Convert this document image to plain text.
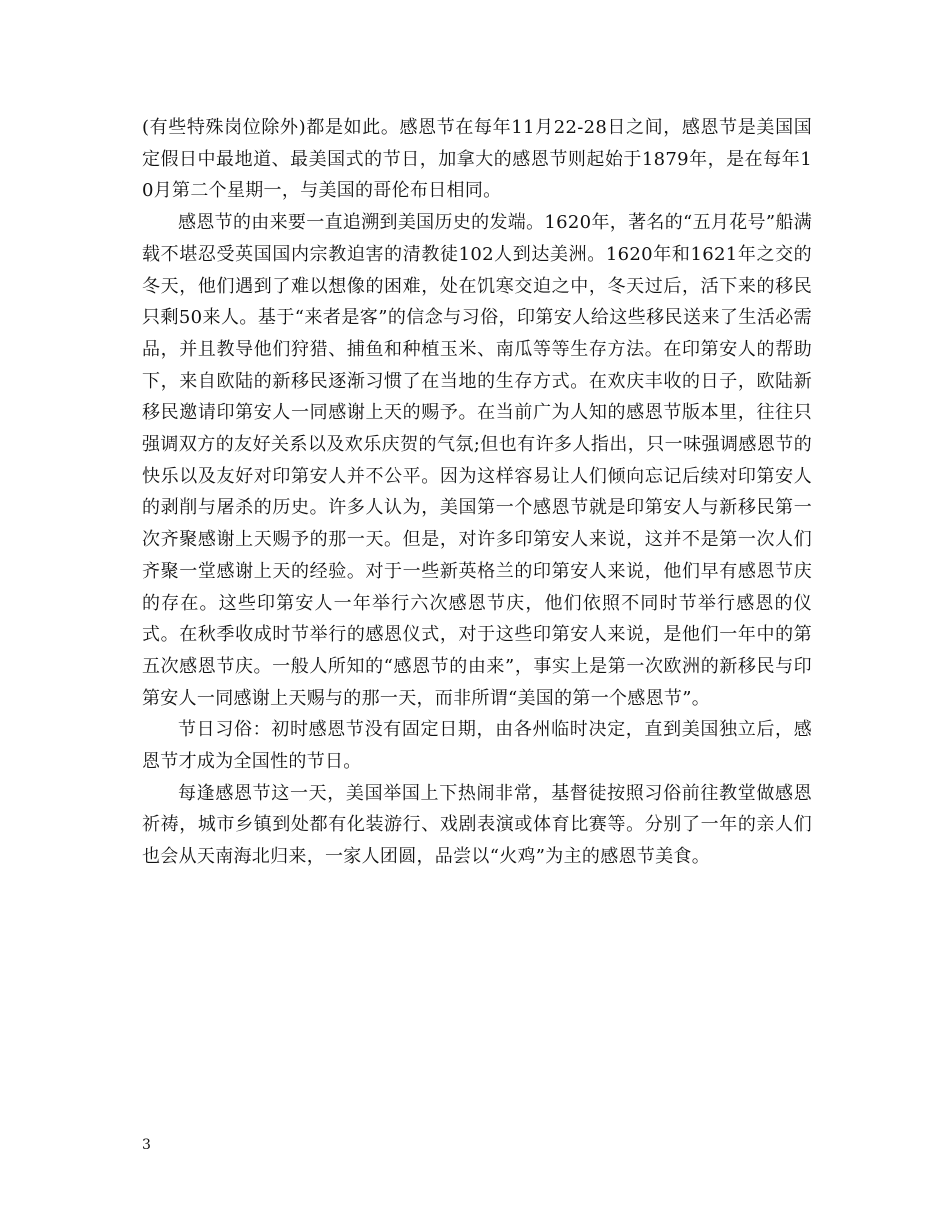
(有些特殊岗位除外)都是如此。感恩节在每年11月22-28日之间，感恩节是美国国定假日中最地道、最美国式的节日，加拿大的感恩节则起始于1879年，是在每年10月第二个星期一，与美国的哥伦布日相同。

感恩节的由来要一直追溯到美国历史的发端。1620年，著名的“五月花号”船满载不堪忍受英国国内宗教迫害的清教徒102人到达美洲。1620年和1621年之交的冬天，他们遇到了难以想像的困难，处在饥寒交迫之中，冬天过后，活下来的移民只剩50来人。基于“来者是客”的信念与习俗，印第安人给这些移民送来了生活必需品，并且教导他们狩猎、捕鱼和种植玉米、南瓜等等生存方法。在印第安人的帮助下，来自欧陆的新移民逐渐习惯了在当地的生存方式。在欢庆丰收的日子，欧陆新移民邀请印第安人一同感谢上天的赐予。在当前广为人知的感恩节版本里，往往只强调双方的友好关系以及欢乐庆贺的气氛;但也有许多人指出，只一味强调感恩节的快乐以及友好对印第安人并不公平。因为这样容易让人们倾向忘记后续对印第安人的剥削与屠杀的历史。许多人认为，美国第一个感恩节就是印第安人与新移民第一次齐聚感谢上天赐予的那一天。但是，对许多印第安人来说，这并不是第一次人们齐聚一堂感谢上天的经验。对于一些新英格兰的印第安人来说，他们早有感恩节庆的存在。这些印第安人一年举行六次感恩节庆，他们依照不同时节举行感恩的仪式。在秋季收成时节举行的感恩仪式，对于这些印第安人来说，是他们一年中的第五次感恩节庆。一般人所知的“感恩节的由来”，事实上是第一次欧洲的新移民与印第安人一同感谢上天赐与的那一天，而非所谓“美国的第一个感恩节”。

节日习俗：初时感恩节没有固定日期，由各州临时决定，直到美国独立后，感恩节才成为全国性的节日。

每逢感恩节这一天，美国举国上下热闹非常，基督徒按照习俗前往教堂做感恩祈祷，城市乡镇到处都有化装游行、戏剧表演或体育比赛等。分别了一年的亲人们也会从天南海北归来，一家人团圆，品尝以“火鸡”为主的感恩节美食。

3
